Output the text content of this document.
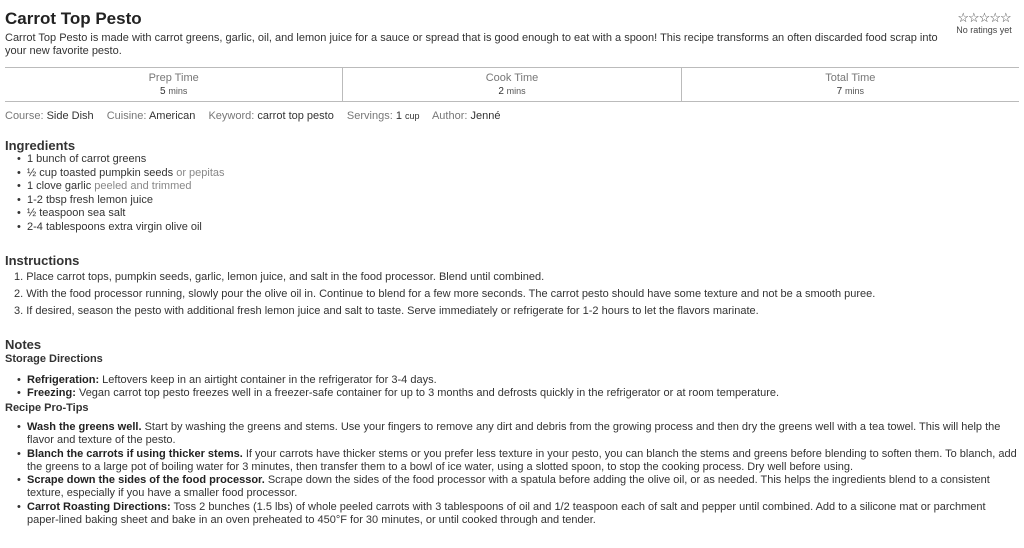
Carrot Top Pesto
Carrot Top Pesto is made with carrot greens, garlic, oil, and lemon juice for a sauce or spread that is good enough to eat with a spoon! This recipe transforms an often discarded food scrap into your new favorite pesto.
☆☆☆☆☆
No ratings yet
Prep Time
5 mins
Cook Time
2 mins
Total Time
7 mins
Course: Side Dish Cuisine: American Keyword: carrot top pesto Servings: 1 cup Author: Jenné
Ingredients
• 1 bunch of carrot greens
• ½ cup toasted pumpkin seeds or pepitas
• 1 clove garlic peeled and trimmed
• 1-2 tbsp fresh lemon juice
• ½ teaspoon sea salt
• 2-4 tablespoons extra virgin olive oil
Instructions
1. Place carrot tops, pumpkin seeds, garlic, lemon juice, and salt in the food processor. Blend until combined.
2. With the food processor running, slowly pour the olive oil in. Continue to blend for a few more seconds. The carrot pesto should have some texture and not be a smooth puree.
3. If desired, season the pesto with additional fresh lemon juice and salt to taste. Serve immediately or refrigerate for 1-2 hours to let the flavors marinate.
Notes
Storage Directions
• Refrigeration: Leftovers keep in an airtight container in the refrigerator for 3-4 days.
• Freezing: Vegan carrot top pesto freezes well in a freezer-safe container for up to 3 months and defrosts quickly in the refrigerator or at room temperature.
Recipe Pro-Tips
• Wash the greens well. Start by washing the greens and stems. Use your fingers to remove any dirt and debris from the growing process and then dry the greens well with a tea towel. This will help the flavor and texture of the pesto.
• Blanch the carrots if using thicker stems. If your carrots have thicker stems or you prefer less texture in your pesto, you can blanch the stems and greens before blending to soften them. To blanch, add the greens to a large pot of boiling water for 3 minutes, then transfer them to a bowl of ice water, using a slotted spoon, to stop the cooking process. Dry well before using.
• Scrape down the sides of the food processor. Scrape down the sides of the food processor with a spatula before adding the olive oil, or as needed. This helps the ingredients blend to a consistent texture, especially if you have a smaller food processor.
• Carrot Roasting Directions: Toss 2 bunches (1.5 lbs) of whole peeled carrots with 3 tablespoons of oil and 1/2 teaspoon each of salt and pepper until combined. Add to a silicone mat or parchment paper-lined baking sheet and bake in an oven preheated to 450°F for 30 minutes, or until cooked through and tender.
